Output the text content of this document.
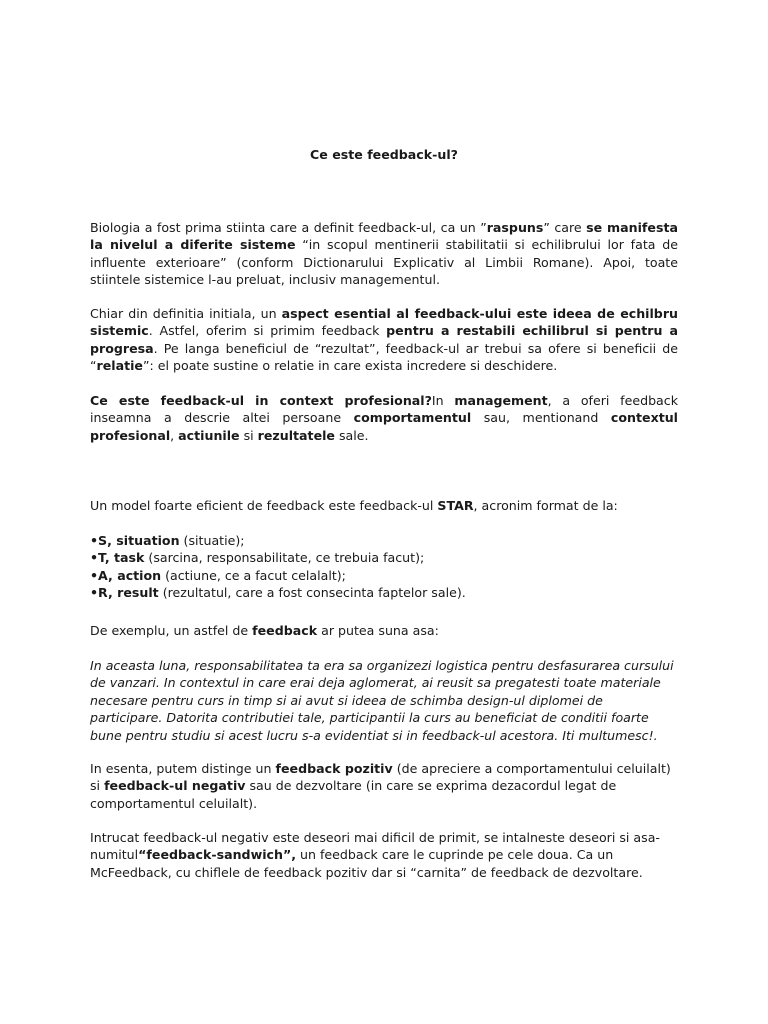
Ce este feedback-ul?

Biologia a fost prima stiinta care a definit feedback-ul, ca un ”raspuns” care se manifesta la nivelul a diferite sisteme “in scopul mentinerii stabilitatii si echilibrului lor fata de influente exterioare” (conform Dictionarului Explicativ al Limbii Romane). Apoi, toate stiintele sistemice l-au preluat, inclusiv managementul.

Chiar din definitia initiala, un aspect esential al feedback-ului este ideea de echilbru sistemic. Astfel, oferim si primim feedback pentru a restabili echilibrul si pentru a progresa. Pe langa beneficiul de “rezultat”, feedback-ul ar trebui sa ofere si beneficii de “relatie”: el poate sustine o relatie in care exista incredere si deschidere.

Ce este feedback-ul in context profesional?In management, a oferi feedback inseamna a descrie altei persoane comportamentul sau, mentionand contextul profesional, actiunile si rezultatele sale.

Un model foarte eficient de feedback este feedback-ul STAR, acronim format de la:

•S, situation (situatie);
•T, task (sarcina, responsabilitate, ce trebuia facut);
•A, action (actiune, ce a facut celalalt);
•R, result (rezultatul, care a fost consecinta faptelor sale).

De exemplu, un astfel de feedback ar putea suna asa:

In aceasta luna, responsabilitatea ta era sa organizezi logistica pentru desfasurarea cursului
de vanzari. In contextul in care erai deja aglomerat, ai reusit sa pregatesti toate materiale
necesare pentru curs in timp si ai avut si ideea de schimba design-ul diplomei de
participare. Datorita contributiei tale, participantii la curs au beneficiat de conditii foarte
bune pentru studiu si acest lucru s-a evidentiat si in feedback-ul acestora. Iti multumesc!.
In esenta, putem distinge un feedback pozitiv (de apreciere a comportamentului celuilalt)
si feedback-ul negativ sau de dezvoltare (in care se exprima dezacordul legat de
comportamentul celuilalt).
Intrucat feedback-ul negativ este deseori mai dificil de primit, se intalneste deseori si asa-
numitul“feedback-sandwich”, un feedback care le cuprinde pe cele doua. Ca un
McFeedback, cu chiflele de feedback pozitiv dar si “carnita” de feedback de dezvoltare.
